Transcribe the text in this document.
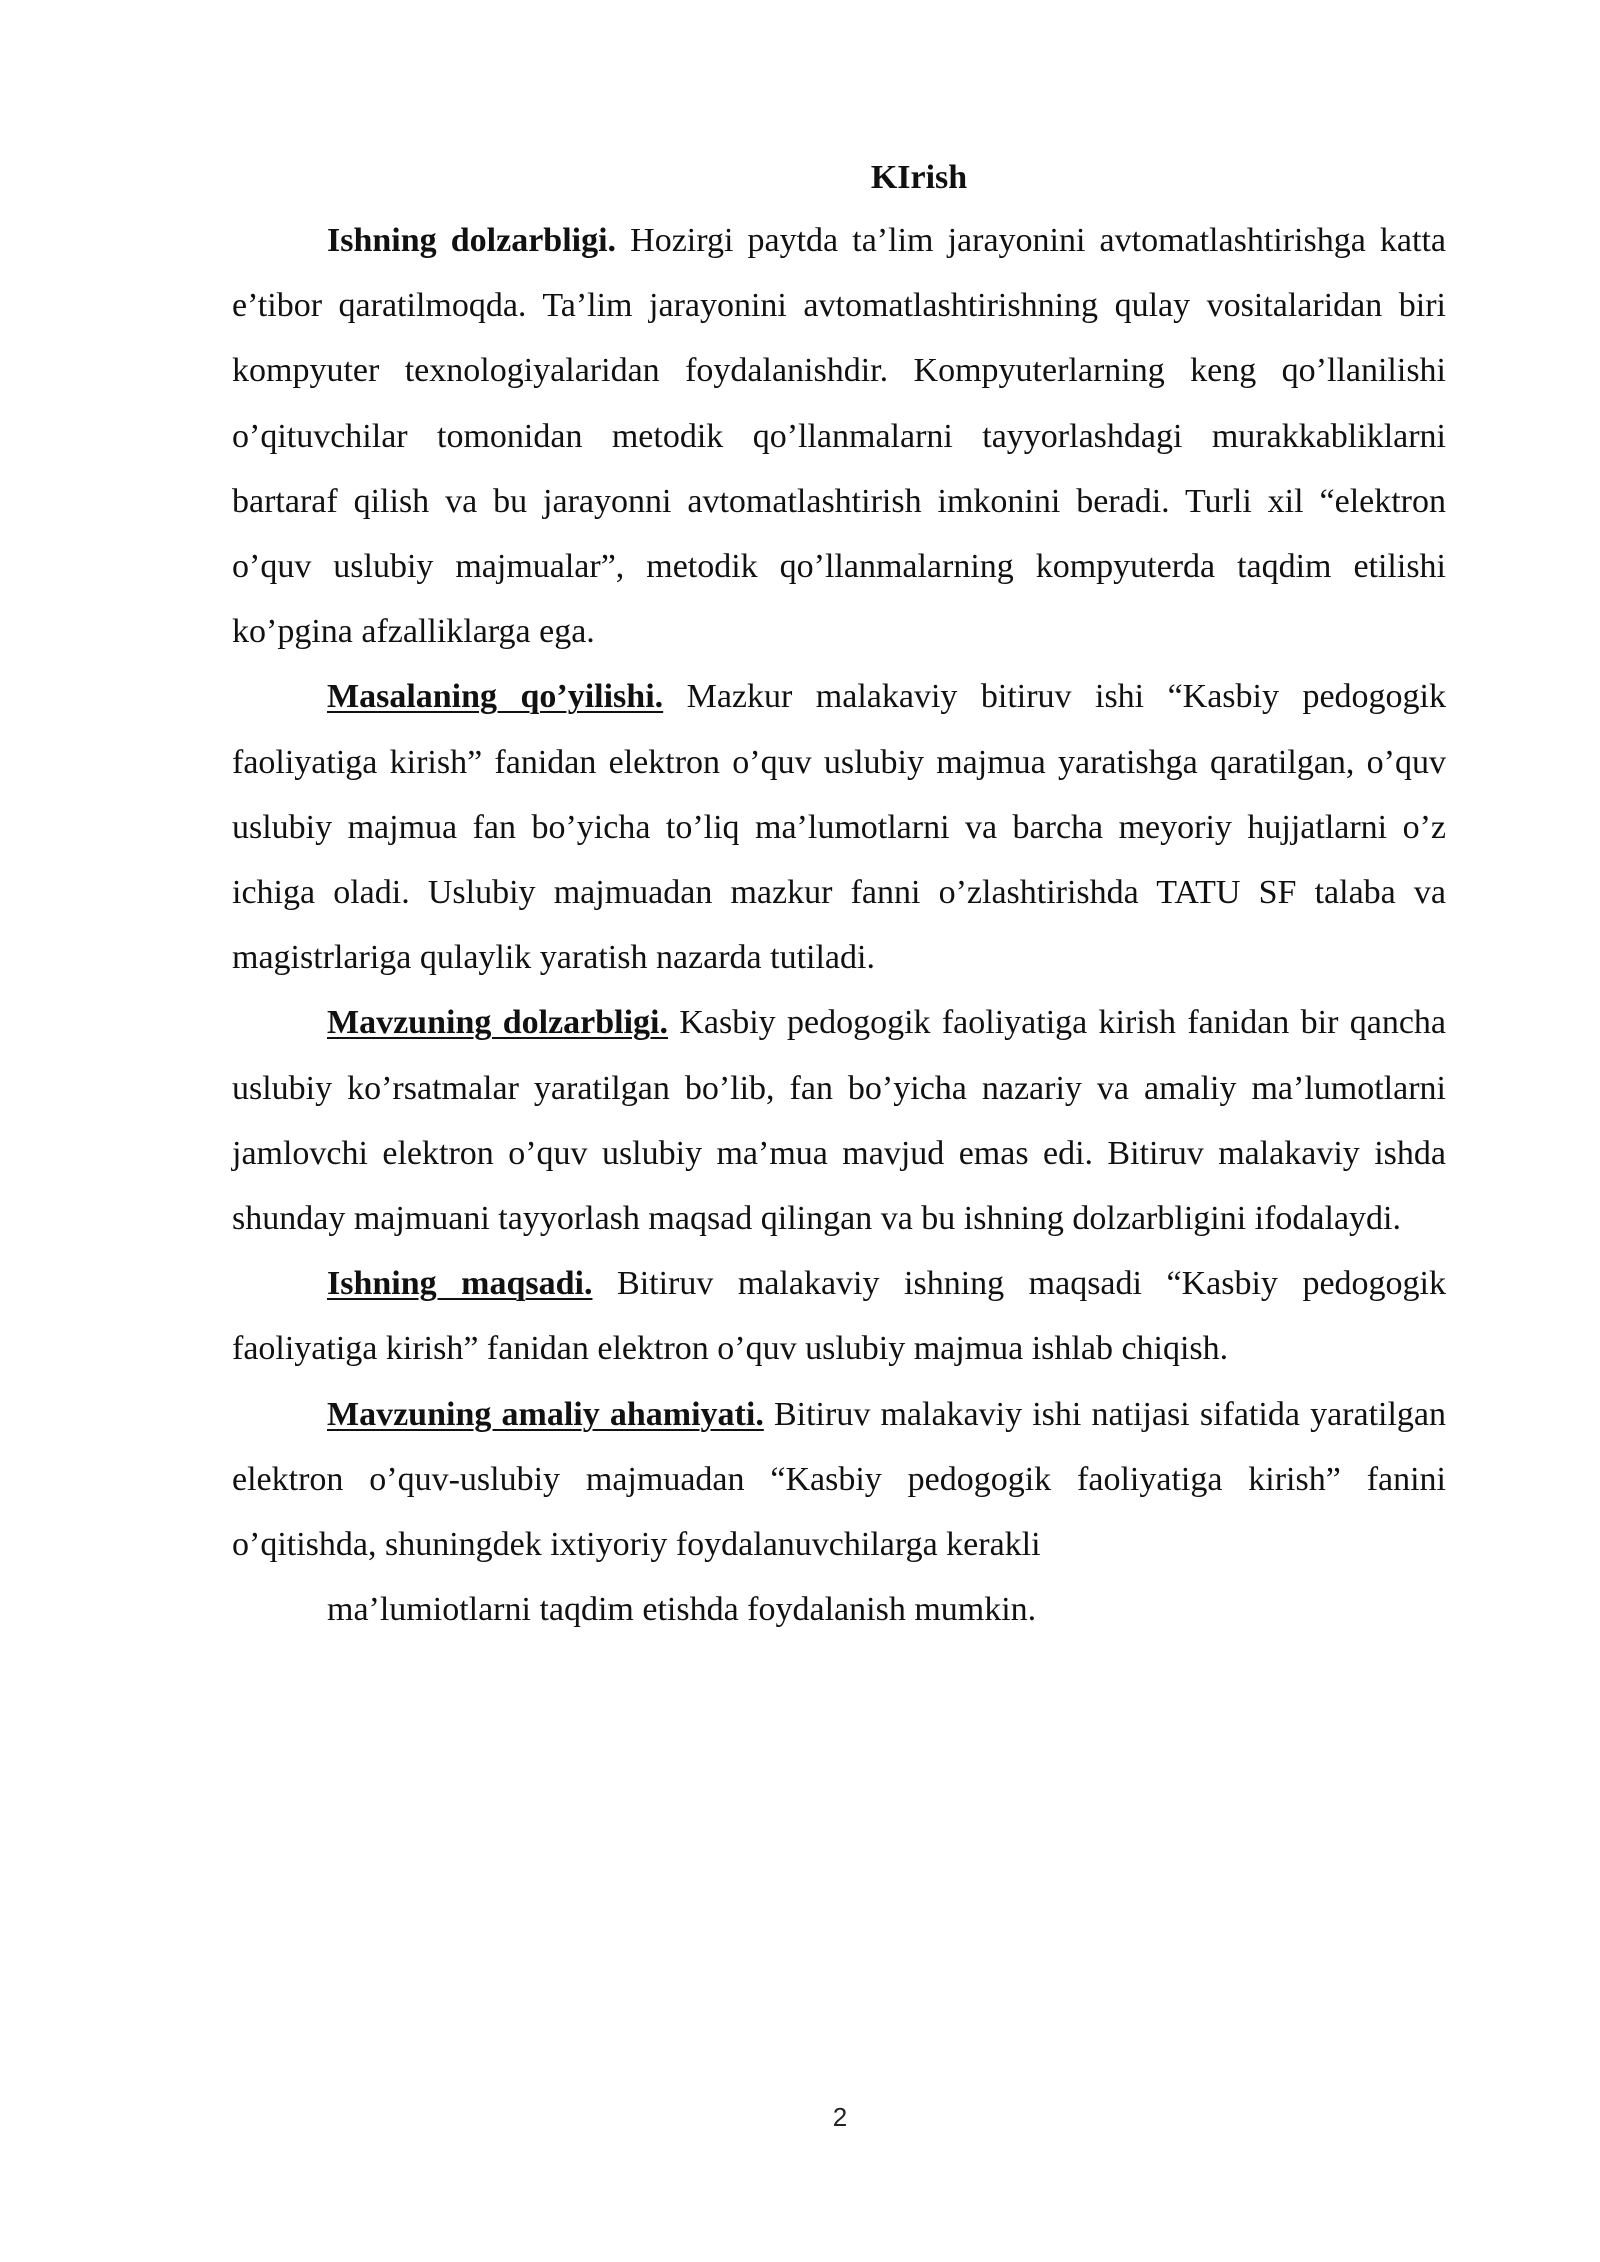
KIrish

Ishning dolzarbligi. Hozirgi paytda ta’lim jarayonini avtomatlashtirishga katta e’tibor qaratilmoqda. Ta’lim jarayonini avtomatlashtirishning qulay vositalaridan biri kompyuter texnologiyalaridan foydalanishdir. Kompyuterlarning keng qo’llanilishi o’qituvchilar tomonidan metodik qo’llanmalarni tayyorlashdagi murakkabliklarni bartaraf qilish va bu jarayonni avtomatlashtirish imkonini beradi. Turli xil “elektron o’quv uslubiy majmualar”, metodik qo’llanmalarning kompyuterda taqdim etilishi ko’pgina afzalliklarga ega.

Masalaning qo’yilishi. Mazkur malakaviy bitiruv ishi “Kasbiy pedogogik faoliyatiga kirish” fanidan elektron o’quv uslubiy majmua yaratishga qaratilgan, o’quv uslubiy majmua fan bo’yicha to’liq ma’lumotlarni va barcha meyoriy hujjatlarni o’z ichiga oladi. Uslubiy majmuadan mazkur fanni o’zlashtirishda TATU SF talaba va magistrlariga qulaylik yaratish nazarda tutiladi.

Mavzuning dolzarbligi. Kasbiy pedogogik faoliyatiga kirish fanidan bir qancha uslubiy ko’rsatmalar yaratilgan bo’lib, fan bo’yicha nazariy va amaliy ma’lumotlarni jamlovchi elektron o’quv uslubiy ma’mua mavjud emas edi. Bitiruv malakaviy ishda shunday majmuani tayyorlash maqsad qilingan va bu ishning dolzarbligini ifodalaydi.

Ishning maqsadi. Bitiruv malakaviy ishning maqsadi “Kasbiy pedogogik faoliyatiga kirish” fanidan elektron o’quv uslubiy majmua ishlab chiqish.

Mavzuning amaliy ahamiyati. Bitiruv malakaviy ishi natijasi sifatida yaratilgan elektron o’quv-uslubiy majmuadan “Kasbiy pedogogik faoliyatiga kirish” fanini o’qitishda, shuningdek ixtiyoriy foydalanuvchilarga kerakli

ma’lumiotlarni taqdim etishda foydalanish mumkin.

2
